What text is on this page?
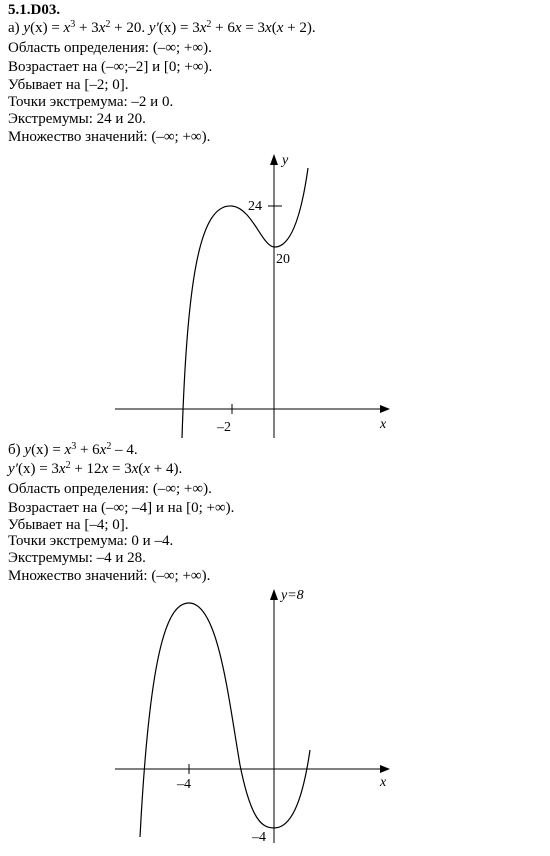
5.1.D03.
а) $y(x) = x^3 + 3x^2 + 20$. $y'(x) = 3x^2 + 6x = 3x(x + 2)$.
Область определения: (–∞; +∞).
Возрастает на (–∞;–2] и [0; +∞).
Убывает на [–2; 0].
Точки экстремума: –2 и 0.
Экстремумы: 24 и 20.
Множество значений: (–∞; +∞).
y
x
24
20
–2
б) $y(x) = x^3 + 6x^2 - 4$.
$y'(x) = 3x^2 + 12x = 3x(x + 4)$.
Область определения: (–∞; +∞).
Возрастает на (–∞; –4] и на [0; +∞).
Убывает на [–4; 0].
Точки экстремума: 0 и –4.
Экстремумы: –4 и 28.
Множество значений: (–∞; +∞).
y=8
x
–4
–4
